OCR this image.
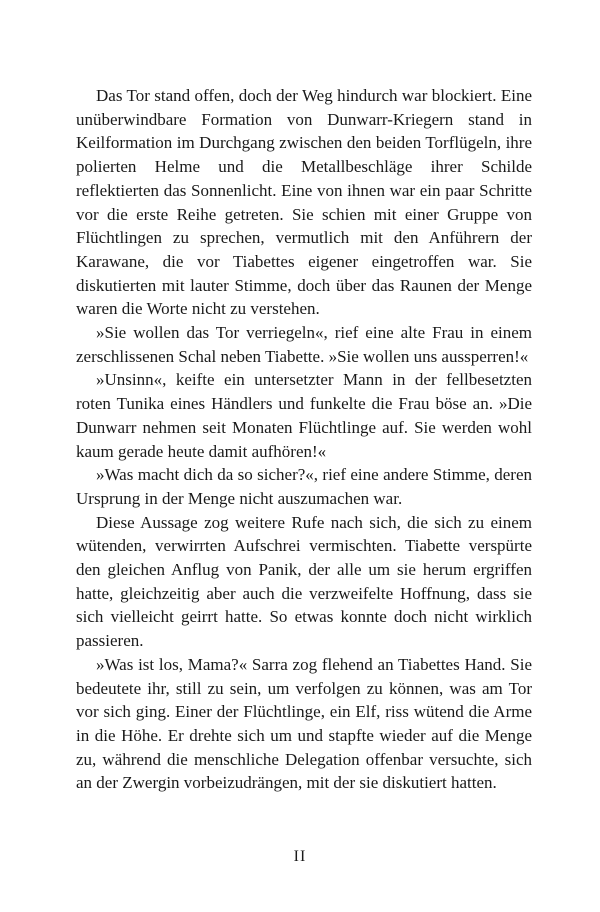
Das Tor stand offen, doch der Weg hindurch war blockiert. Eine unüberwindbare Formation von Dunwarr-Kriegern stand in Keilformation im Durchgang zwischen den beiden Torflügeln, ihre polierten Helme und die Metallbeschläge ihrer Schilde reflektierten das Sonnenlicht. Eine von ihnen war ein paar Schritte vor die erste Reihe getreten. Sie schien mit einer Gruppe von Flüchtlingen zu sprechen, vermutlich mit den Anführern der Karawane, die vor Tiabettes eigener eingetroffen war. Sie diskutierten mit lauter Stimme, doch über das Raunen der Menge waren die Worte nicht zu verstehen.

»Sie wollen das Tor verriegeln«, rief eine alte Frau in einem zerschlissenen Schal neben Tiabette. »Sie wollen uns aussperren!«

»Unsinn«, keifte ein untersetzter Mann in der fellbesetzten roten Tunika eines Händlers und funkelte die Frau böse an. »Die Dunwarr nehmen seit Monaten Flüchtlinge auf. Sie werden wohl kaum gerade heute damit aufhören!«

»Was macht dich da so sicher?«, rief eine andere Stimme, deren Ursprung in der Menge nicht auszumachen war.

Diese Aussage zog weitere Rufe nach sich, die sich zu einem wütenden, verwirrten Aufschrei vermischten. Tiabette verspürte den gleichen Anflug von Panik, der alle um sie herum ergriffen hatte, gleichzeitig aber auch die verzweifelte Hoffnung, dass sie sich vielleicht geirrt hatte. So etwas konnte doch nicht wirklich passieren.

»Was ist los, Mama?« Sarra zog flehend an Tiabettes Hand. Sie bedeutete ihr, still zu sein, um verfolgen zu können, was am Tor vor sich ging. Einer der Flüchtlinge, ein Elf, riss wütend die Arme in die Höhe. Er drehte sich um und stapfte wieder auf die Menge zu, während die menschliche Delegation offenbar versuchte, sich an der Zwergin vorbeizudrängen, mit der sie diskutiert hatten.

II
